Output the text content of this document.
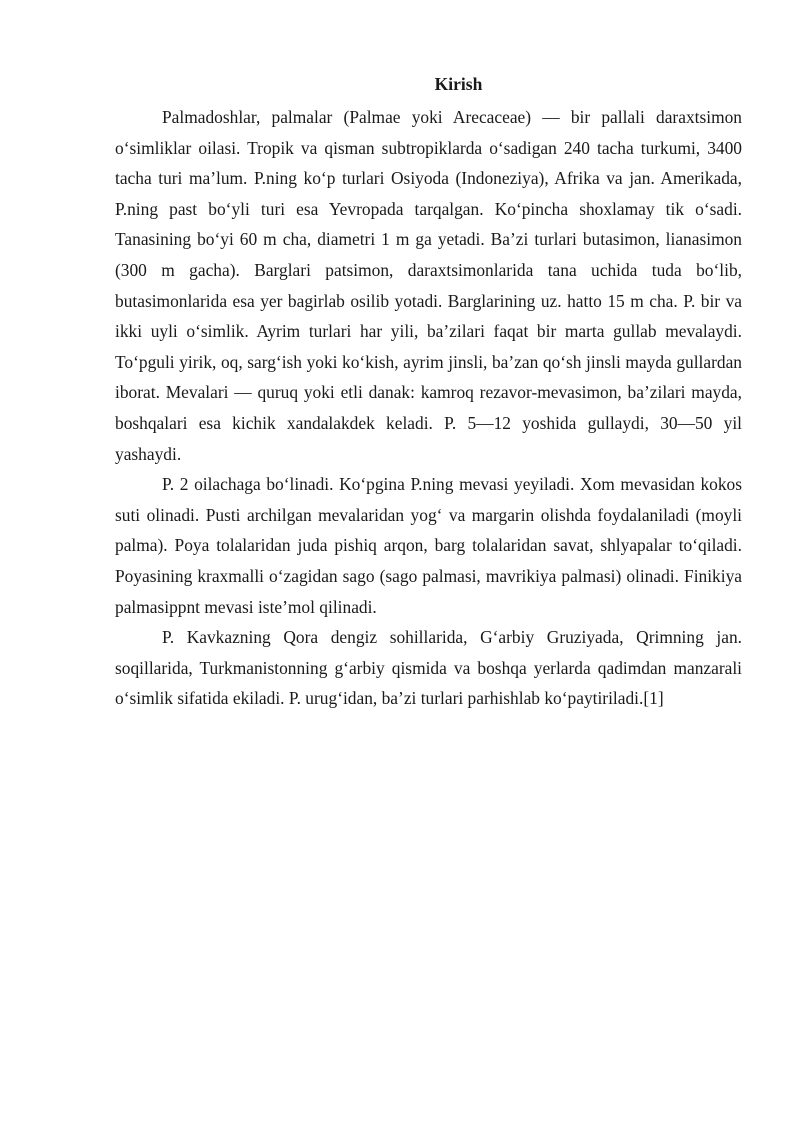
Kirish

Palmadoshlar, palmalar (Palmae yoki Arecaceae) — bir pallali daraxtsimon o‘simliklar oilasi. Tropik va qisman subtropiklarda o‘sadigan 240 tacha turkumi, 3400 tacha turi ma’lum. P.ning ko‘p turlari Osiyoda (Indoneziya), Afrika va jan. Amerikada, P.ning past bo‘yli turi esa Yevropada tarqalgan. Ko‘pincha shoxlamay tik o‘sadi. Tanasining bo‘yi 60 m cha, diametri 1 m ga yetadi. Ba’zi turlari butasimon, lianasimon (300 m gacha). Barglari patsimon, daraxtsimonlarida tana uchida tuda bo‘lib, butasimonlarida esa yer bagirlab osilib yotadi. Barglarining uz. hatto 15 m cha. P. bir va ikki uyli o‘simlik. Ayrim turlari har yili, ba’zilari faqat bir marta gullab mevalaydi. To‘pguli yirik, oq, sarg‘ish yoki ko‘kish, ayrim jinsli, ba’zan qo‘sh jinsli mayda gullardan iborat. Mevalari — quruq yoki etli danak: kamroq rezavor-mevasimon, ba’zilari mayda, boshqalari esa kichik xandalakdek keladi. P. 5—12 yoshida gullaydi, 30—50 yil yashaydi.

P. 2 oilachaga bo‘linadi. Ko‘pgina P.ning mevasi yeyiladi. Xom mevasidan kokos suti olinadi. Pusti archilgan mevalaridan yog‘ va margarin olishda foydalaniladi (moyli palma). Poya tolalaridan juda pishiq arqon, barg tolalaridan savat, shlyapalar to‘qiladi. Poyasining kraxmalli o‘zagidan sago (sago palmasi, mavrikiya palmasi) olinadi. Finikiya palmasippnt mevasi iste’mol qilinadi.

P. Kavkazning Qora dengiz sohillarida, G‘arbiy Gruziyada, Qrimning jan. soqillarida, Turkmanistonning g‘arbiy qismida va boshqa yerlarda qadimdan manzarali o‘simlik sifatida ekiladi. P. urug‘idan, ba’zi turlari parhishlab ko‘paytiriladi.[1]
